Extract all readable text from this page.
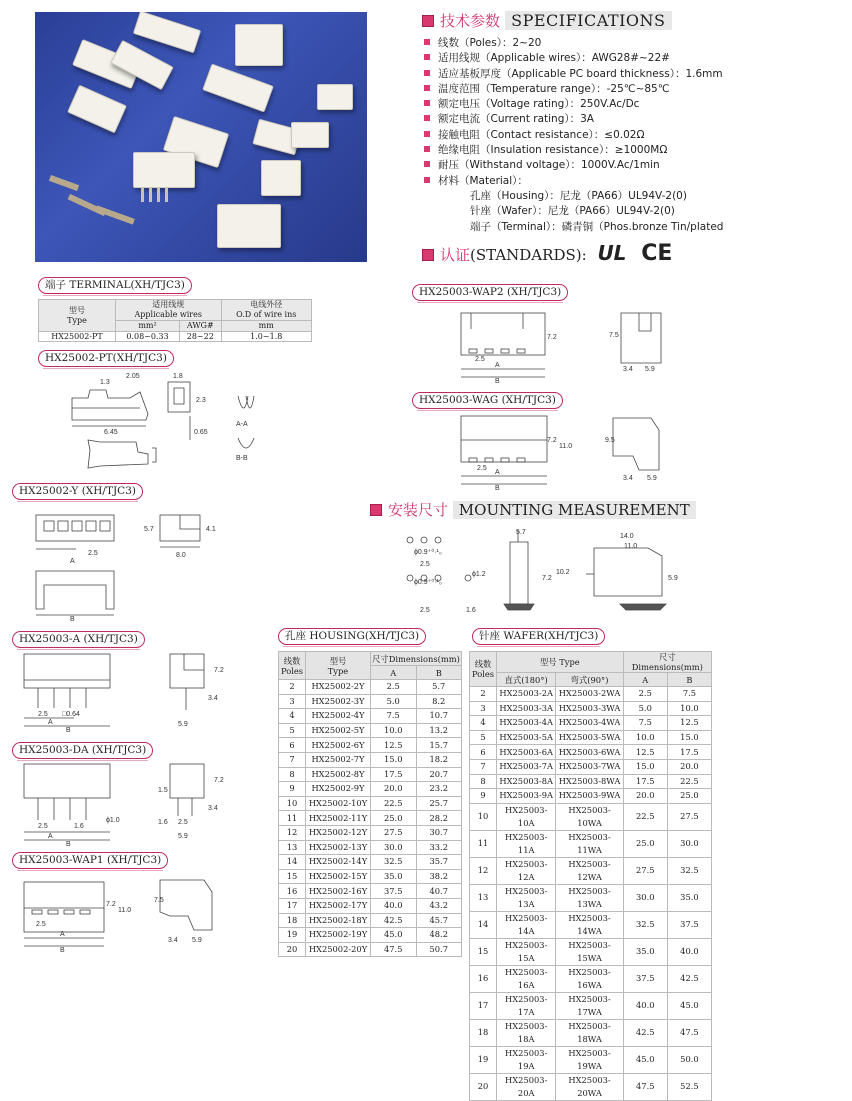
技术参数 SPECIFICATIONS
线数（Poles）：2~20
适用线规（Applicable wires）：AWG28#~22#
适应基板厚度（Applicable PC board thickness）：1.6mm
温度范围（Temperature range）：-25℃~85℃
额定电压（Voltage rating）：250V.Ac/Dc
额定电流（Current rating）：3A
接触电阻（Contact resistance）：≤0.02Ω
绝缘电阻（Insulation resistance）：≥1000MΩ
耐压（Withstand voltage）：1000V.Ac/1min
材料（Material）：
孔座（Housing）：尼龙（PA66）UL94V-2(0)
针座（Wafer）：尼龙（PA66）UL94V-2(0)
端子（Terminal）：磷青铜（Phos.bronze Tin/plated
认证(STANDARDS): UL CE
端子 TERMINAL(XH/TJC3)
型号
Type	适用线规
Applicable wires		电线外径
O.D of wire ins
	mm²	AWG#	mm
HX25002-PT	0.08~0.33	28~22	1.0~1.8
HX25002-PT(XH/TJC3)
HX25002-Y (XH/TJC3)
HX25003-A (XH/TJC3)
HX25003-DA (XH/TJC3)
HX25003-WAP1 (XH/TJC3)
HX25003-WAP2 (XH/TJC3)
HX25003-WAG (XH/TJC3)
1.3
2.05	1.8
2.3
6.45	0.65
A-A
B-B
5.7	4.1
2.5	8.0
A
B
7.2
3.4
2.5 □0.64
5.9
A
B
7.2
3.4
2.5	1.6
ϕ1.0
1.5
1.6 2.5
5.9
A
B
7.2
11.0
2.5
7.5
3.4 5.9
A
B
7.2
2.5
7.5
3.4 5.9
A
B
7.2
11.0
2.5
9.5
3.4 5.9
A
B
安装尺寸 MOUNTING MEASUREMENT
ϕ0.9⁺⁰·¹₀
2.5
ϕ0.9⁺⁰·¹₀
ϕ1.2
2.5	1.6
5.7
7.2
10.2
14.0
11.0
5.9
孔座 HOUSING(XH/TJC3)
线数
Poles	型号
Type	尺寸Dimensions(mm)	
		A	B
2	HX25002-2Y	2.5	5.7
3	HX25002-3Y	5.0	8.2
4	HX25002-4Y	7.5	10.7
5	HX25002-5Y	10.0	13.2
6	HX25002-6Y	12.5	15.7
7	HX25002-7Y	15.0	18.2
8	HX25002-8Y	17.5	20.7
9	HX25002-9Y	20.0	23.2
10	HX25002-10Y	22.5	25.7
11	HX25002-11Y	25.0	28.2
12	HX25002-12Y	27.5	30.7
13	HX25002-13Y	30.0	33.2
14	HX25002-14Y	32.5	35.7
15	HX25002-15Y	35.0	38.2
16	HX25002-16Y	37.5	40.7
17	HX25002-17Y	40.0	43.2
18	HX25002-18Y	42.5	45.7
19	HX25002-19Y	45.0	48.2
20	HX25002-20Y	47.5	50.7
针座 WAFER(XH/TJC3)
线数
Poles	型号 Type		尺寸Dimensions(mm)	
	直式(180°)	弯式(90°)	A	B
2	HX25003-2A	HX25003-2WA	2.5	7.5
3	HX25003-3A	HX25003-3WA	5.0	10.0
4	HX25003-4A	HX25003-4WA	7.5	12.5
5	HX25003-5A	HX25003-5WA	10.0	15.0
6	HX25003-6A	HX25003-6WA	12.5	17.5
7	HX25003-7A	HX25003-7WA	15.0	20.0
8	HX25003-8A	HX25003-8WA	17.5	22.5
9	HX25003-9A	HX25003-9WA	20.0	25.0
10	HX25003-10A	HX25003-10WA	22.5	27.5
11	HX25003-11A	HX25003-11WA	25.0	30.0
12	HX25003-12A	HX25003-12WA	27.5	32.5
13	HX25003-13A	HX25003-13WA	30.0	35.0
14	HX25003-14A	HX25003-14WA	32.5	37.5
15	HX25003-15A	HX25003-15WA	35.0	40.0
16	HX25003-16A	HX25003-16WA	37.5	42.5
17	HX25003-17A	HX25003-17WA	40.0	45.0
18	HX25003-18A	HX25003-18WA	42.5	47.5
19	HX25003-19A	HX25003-19WA	45.0	50.0
20	HX25003-20A	HX25003-20WA	47.5	52.5
